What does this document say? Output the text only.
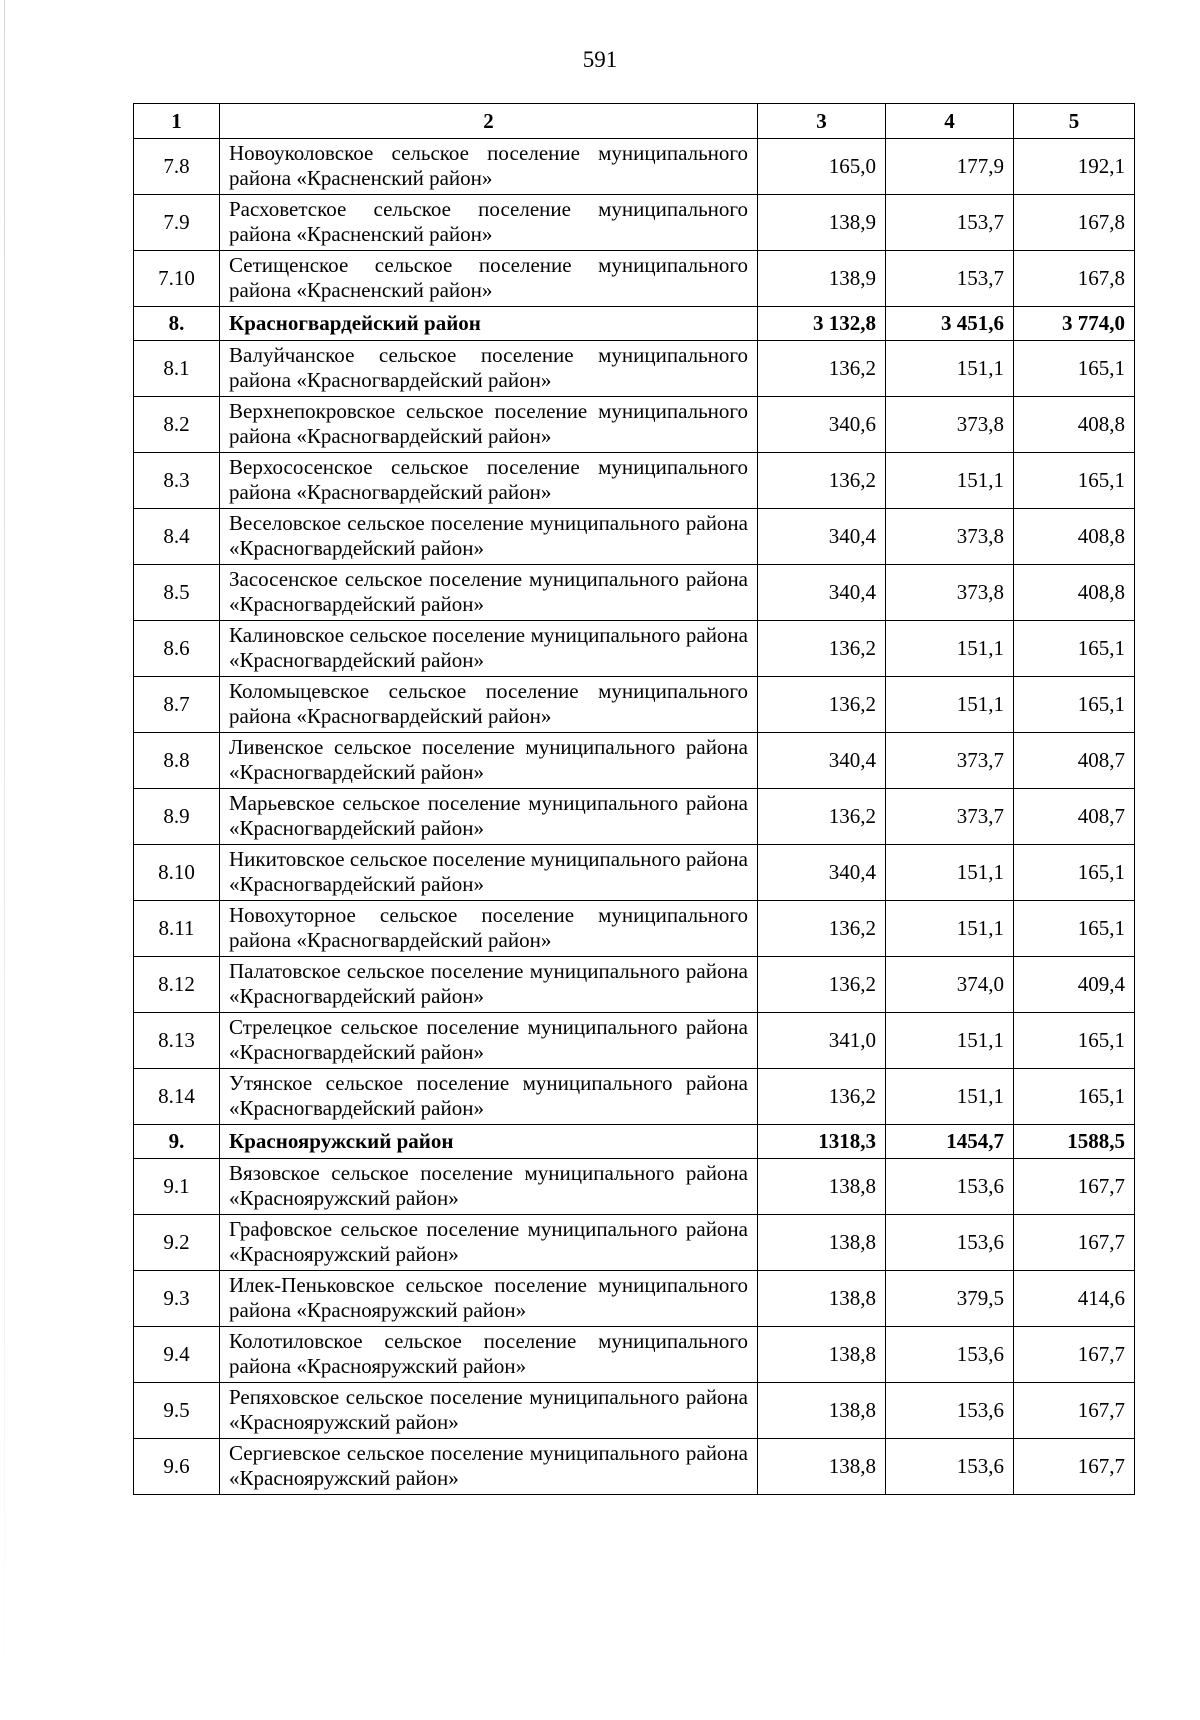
591
1	2	3	4	5
7.8	Новоуколовское сельское поселение муниципального района «Красненский район»	165,0	177,9	192,1
7.9	Расховетское сельское поселение муниципального района «Красненский район»	138,9	153,7	167,8
7.10	Сетищенское сельское поселение муниципального района «Красненский район»	138,9	153,7	167,8
8.	Красногвардейский район	3 132,8	3 451,6	3 774,0
8.1	Валуйчанское сельское поселение муниципального района «Красногвардейский район»	136,2	151,1	165,1
8.2	Верхнепокровское сельское поселение муниципального района «Красногвардейский район»	340,6	373,8	408,8
8.3	Верхососенское сельское поселение муниципального района «Красногвардейский район»	136,2	151,1	165,1
8.4	Веселовское сельское поселение муниципального района «Красногвардейский район»	340,4	373,8	408,8
8.5	Засосенское сельское поселение муниципального района «Красногвардейский район»	340,4	373,8	408,8
8.6	Калиновское сельское поселение муниципального района «Красногвардейский район»	136,2	151,1	165,1
8.7	Коломыцевское сельское поселение муниципального района «Красногвардейский район»	136,2	151,1	165,1
8.8	Ливенское сельское поселение муниципального района «Красногвардейский район»	340,4	373,7	408,7
8.9	Марьевское сельское поселение муниципального района «Красногвардейский район»	136,2	373,7	408,7
8.10	Никитовское сельское поселение муниципального района «Красногвардейский район»	340,4	151,1	165,1
8.11	Новохуторное сельское поселение муниципального района «Красногвардейский район»	136,2	151,1	165,1
8.12	Палатовское сельское поселение муниципального района «Красногвардейский район»	136,2	374,0	409,4
8.13	Стрелецкое сельское поселение муниципального района «Красногвардейский район»	341,0	151,1	165,1
8.14	Утянское сельское поселение муниципального района «Красногвардейский район»	136,2	151,1	165,1
9.	Краснояружский район	1318,3	1454,7	1588,5
9.1	Вязовское сельское поселение муниципального района «Краснояружский район»	138,8	153,6	167,7
9.2	Графовское сельское поселение муниципального района «Краснояружский район»	138,8	153,6	167,7
9.3	Илек-Пеньковское сельское поселение муниципального района «Краснояружский район»	138,8	379,5	414,6
9.4	Колотиловское сельское поселение муниципального района «Краснояружский район»	138,8	153,6	167,7
9.5	Репяховское сельское поселение муниципального района «Краснояружский район»	138,8	153,6	167,7
9.6	Сергиевское сельское поселение муниципального района «Краснояружский район»	138,8	153,6	167,7
